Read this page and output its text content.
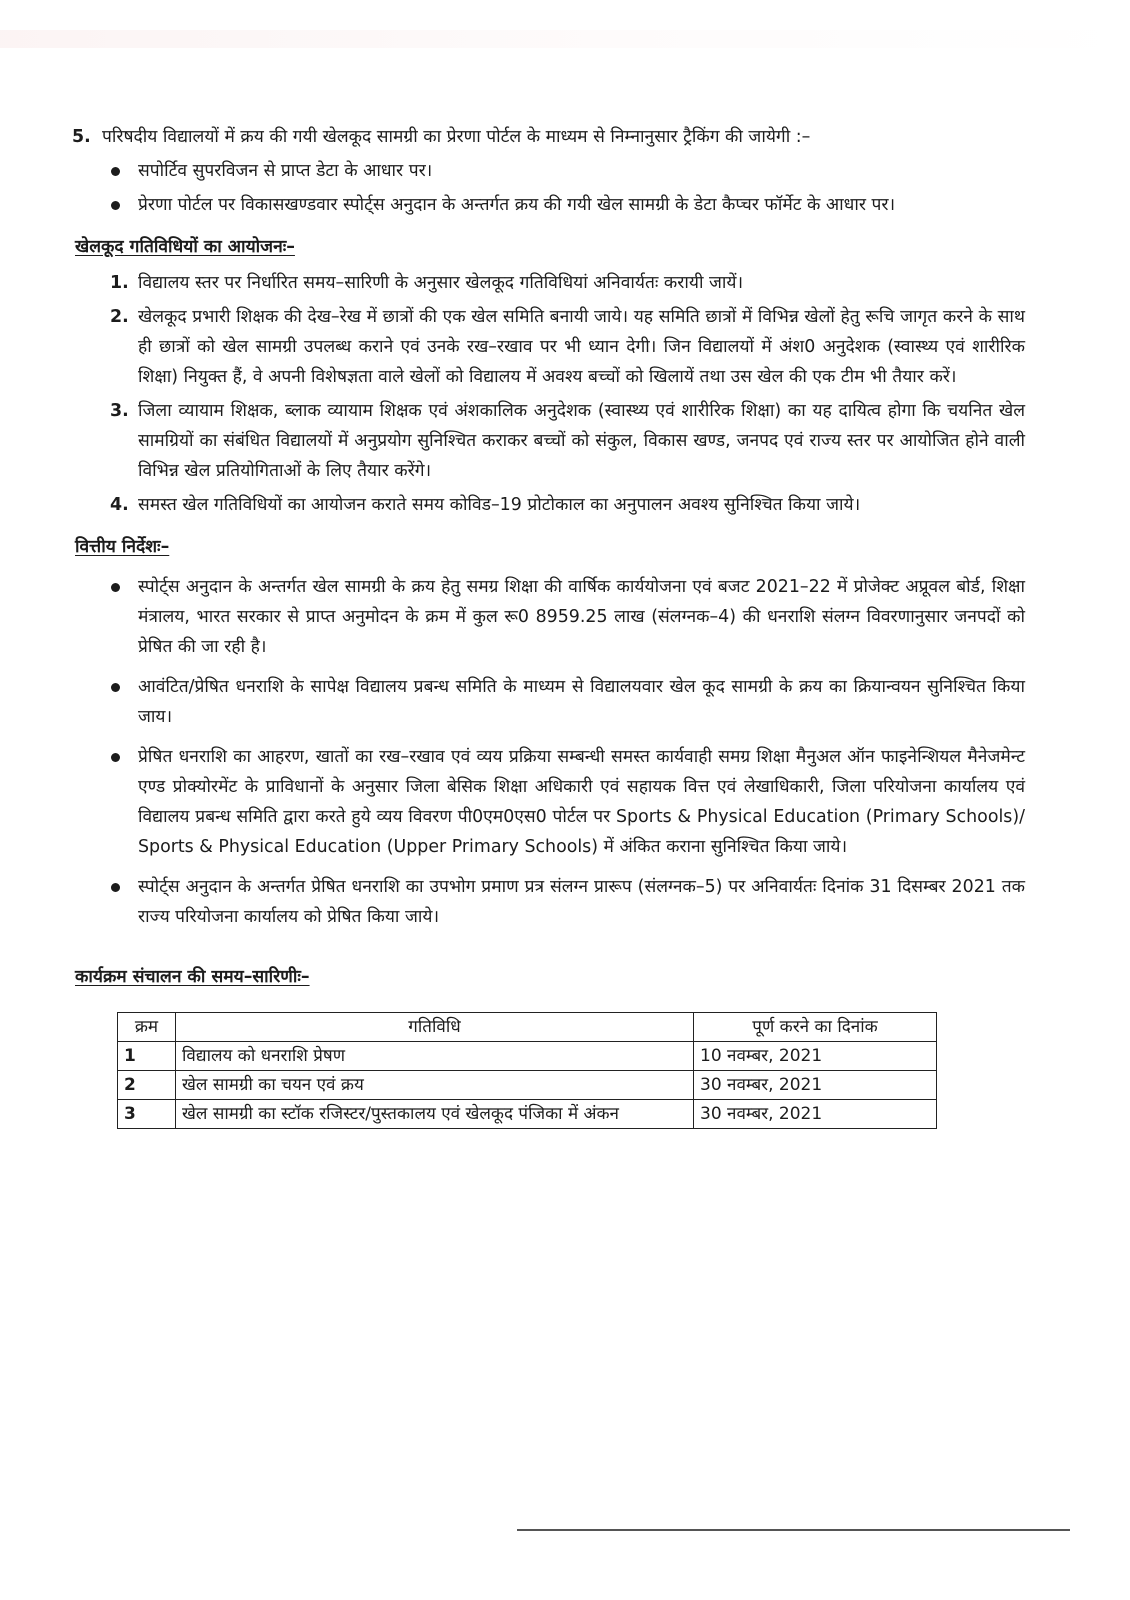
5. परिषदीय विद्यालयों में क्रय की गयी खेलकूद सामग्री का प्रेरणा पोर्टल के माध्यम से निम्नानुसार ट्रैकिंग की जायेगी :–

सपोर्टिव सुपरविजन से प्राप्त डेटा के आधार पर।

प्रेरणा पोर्टल पर विकासखण्डवार स्पोर्ट्स अनुदान के अन्तर्गत क्रय की गयी खेल सामग्री के डेटा कैप्चर फॉर्मेट के आधार पर।

खेलकूद गतिविधियों का आयोजनः–
1. विद्यालय स्तर पर निर्धारित समय–सारिणी के अनुसार खेलकूद गतिविधियां अनिवार्यतः करायी जायें।

2. खेलकूद प्रभारी शिक्षक की देख–रेख में छात्रों की एक खेल समिति बनायी जाये। यह समिति छात्रों में विभिन्न खेलों हेतु रूचि जागृत करने के साथ ही छात्रों को खेल सामग्री उपलब्ध कराने एवं उनके रख–रखाव पर भी ध्यान देगी। जिन विद्यालयों में अंश0 अनुदेशक (स्वास्थ्य एवं शारीरिक शिक्षा) नियुक्त हैं, वे अपनी विशेषज्ञता वाले खेलों को विद्यालय में अवश्य बच्चों को खिलायें तथा उस खेल की एक टीम भी तैयार करें।

3. जिला व्यायाम शिक्षक, ब्लाक व्यायाम शिक्षक एवं अंशकालिक अनुदेशक (स्वास्थ्य एवं शारीरिक शिक्षा) का यह दायित्व होगा कि चयनित खेल सामग्रियों का संबंधित विद्यालयों में अनुप्रयोग सुनिश्चित कराकर बच्चों को संकुल, विकास खण्ड, जनपद एवं राज्य स्तर पर आयोजित होने वाली विभिन्न खेल प्रतियोगिताओं के लिए तैयार करेंगे।

4. समस्त खेल गतिविधियों का आयोजन कराते समय कोविड–19 प्रोटोकाल का अनुपालन अवश्य सुनिश्चित किया जाये।

वित्तीय निर्देशः–

स्पोर्ट्स अनुदान के अन्तर्गत खेल सामग्री के क्रय हेतु समग्र शिक्षा की वार्षिक कार्ययोजना एवं बजट 2021–22 में प्रोजेक्ट अप्रूवल बोर्ड, शिक्षा मंत्रालय, भारत सरकार से प्राप्त अनुमोदन के क्रम में कुल रू0 8959.25 लाख (संलग्नक–4) की धनराशि संलग्न विवरणानुसार जनपदों को प्रेषित की जा रही है।

आवंटित/प्रेषित धनराशि के सापेक्ष विद्यालय प्रबन्ध समिति के माध्यम से विद्यालयवार खेल कूद सामग्री के क्रय का क्रियान्वयन सुनिश्चित किया जाय।

प्रेषित धनराशि का आहरण, खातों का रख–रखाव एवं व्यय प्रक्रिया सम्बन्धी समस्त कार्यवाही समग्र शिक्षा मैनुअल ऑन फाइनेन्शियल मैनेजमेन्ट एण्ड प्रोक्योरमेंट के प्राविधानों के अनुसार जिला बेसिक शिक्षा अधिकारी एवं सहायक वित्त एवं लेखाधिकारी, जिला परियोजना कार्यालय एवं विद्यालय प्रबन्ध समिति द्वारा करते हुये व्यय विवरण पी0एम0एस0 पोर्टल पर Sports & Physical Education (Primary Schools)/ Sports & Physical Education (Upper Primary Schools) में अंकित कराना सुनिश्चित किया जाये।

स्पोर्ट्स अनुदान के अन्तर्गत प्रेषित धनराशि का उपभोग प्रमाण प्रत्र संलग्न प्रारूप (संलग्नक–5) पर अनिवार्यतः दिनांक 31 दिसम्बर 2021 तक राज्य परियोजना कार्यालय को प्रेषित किया जाये।

कार्यक्रम संचालन की समय–सारिणीः–
क्रम	गतिविधि	पूर्ण करने का दिनांक
1	विद्यालय को धनराशि प्रेषण	10 नवम्बर, 2021
2	खेल सामग्री का चयन एवं क्रय	30 नवम्बर, 2021
3	खेल सामग्री का स्टॉक रजिस्टर/पुस्तकालय एवं खेलकूद पंजिका में अंकन	30 नवम्बर, 2021
